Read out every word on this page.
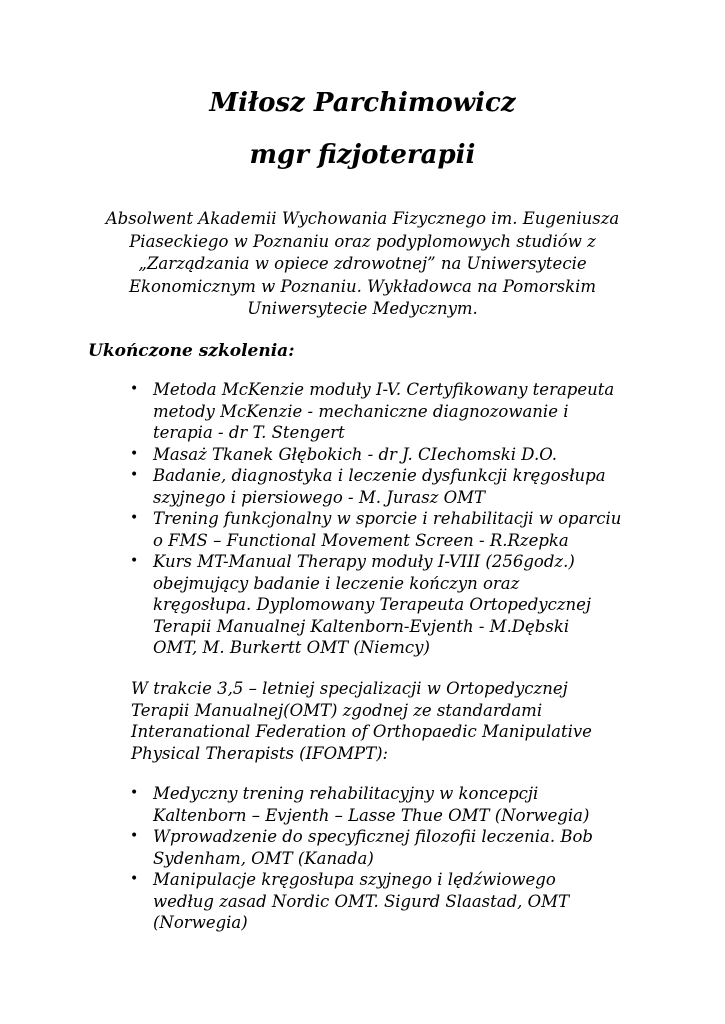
Miłosz Parchimowicz
mgr fizjoterapii

Absolwent Akademii Wychowania Fizycznego im. Eugeniusza
Piaseckiego w Poznaniu oraz podyplomowych studiów z
„Zarządzania w opiece zdrowotnej” na Uniwersytecie
Ekonomicznym w Poznaniu. Wykładowca na Pomorskim
Uniwersytecie Medycznym.

Ukończone szkolenia:
• Metoda McKenzie moduły I-V. Certyfikowany terapeuta
metody McKenzie - mechaniczne diagnozowanie i
terapia - dr T. Stengert
• Masaż Tkanek Głębokich - dr J. CIechomski D.O.
• Badanie, diagnostyka i leczenie dysfunkcji kręgosłupa
szyjnego i piersiowego - M. Jurasz OMT
• Trening funkcjonalny w sporcie i rehabilitacji w oparciu
o FMS – Functional Movement Screen - R.Rzepka
• Kurs MT-Manual Therapy moduły I-VIII (256godz.)
obejmujący badanie i leczenie kończyn oraz
kręgosłupa. Dyplomowany Terapeuta Ortopedycznej
Terapii Manualnej Kaltenborn-Evjenth - M.Dębski
OMT, M. Burkertt OMT (Niemcy)

W trakcie 3,5 – letniej specjalizacji w Ortopedycznej
Terapii Manualnej(OMT) zgodnej ze standardami
Interanational Federation of Orthopaedic Manipulative
Physical Therapists (IFOMPT):

• Medyczny trening rehabilitacyjny w koncepcji
Kaltenborn – Evjenth – Lasse Thue OMT (Norwegia)
• Wprowadzenie do specyficznej filozofii leczenia. Bob
Sydenham, OMT (Kanada)
• Manipulacje kręgosłupa szyjnego i lędźwiowego
według zasad Nordic OMT. Sigurd Slaastad, OMT
(Norwegia)
